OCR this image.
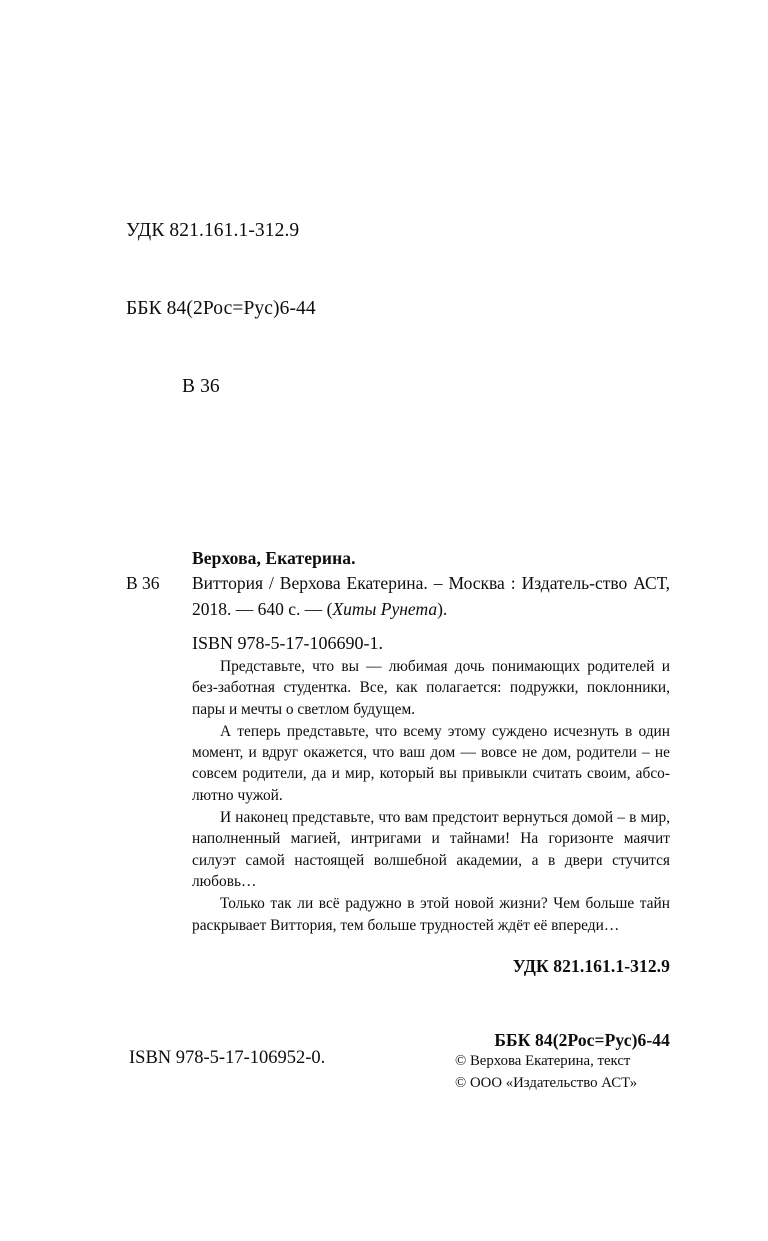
УДК 821.161.1-312.9

ББК 84(2Рос=Рус)6-44

В 36

Верхова, Екатерина.
В 36	Виттория / Верхова Екатерина. – Москва : Издатель-ство АСТ, 2018. — 640 с. — (Хиты Рунета).
ISBN 978-5-17-106690-1.

Представьте, что вы — любимая дочь понимающих родителей и без-заботная студентка. Все, как полагается: подружки, поклонники, пары и мечты о светлом будущем.

А теперь представьте, что всему этому суждено исчезнуть в один момент, и вдруг окажется, что ваш дом — вовсе не дом, родители – не совсем родители, да и мир, который вы привыкли считать своим, абсо-лютно чужой.

И наконец представьте, что вам предстоит вернуться домой – в мир, наполненный магией, интригами и тайнами! На горизонте маячит силуэт самой настоящей волшебной академии, а в двери стучится любовь…

Только так ли всё радужно в этой новой жизни? Чем больше тайн раскрывает Виттория, тем больше трудностей ждёт её впереди…

УДК 821.161.1-312.9

ББК 84(2Рос=Рус)6-44

ISBN 978-5-17-106952-0.	© Верхова Екатерина, текст
© ООО «Издательство АСТ»
